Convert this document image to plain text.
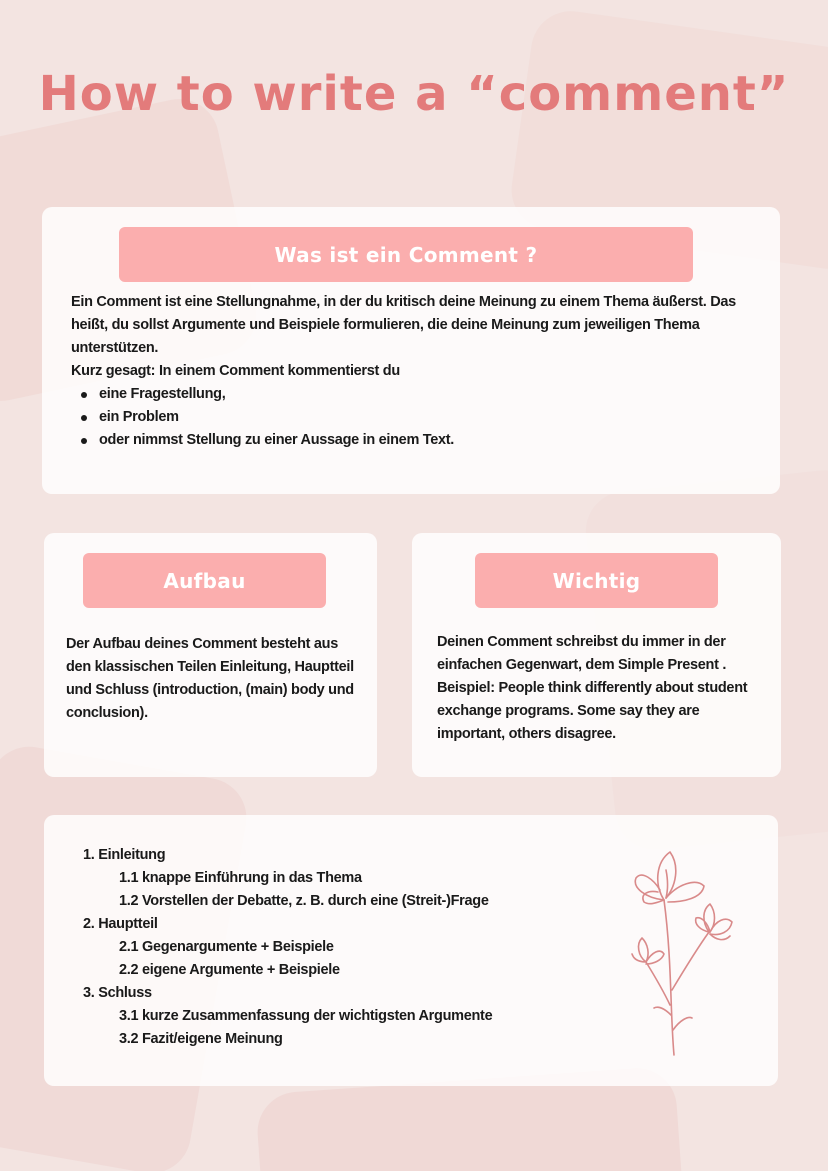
How to write a “comment”
Was ist ein Comment ?

Ein Comment ist eine Stellungnahme, in der du kritisch deine Meinung zu einem Thema äußerst. Das heißt, du sollst Argumente und Beispiele formulieren, die deine Meinung zum jeweiligen Thema unterstützen.

Kurz gesagt: In einem Comment kommentierst du

eine Fragestellung,
ein Problem
oder nimmst Stellung zu einer Aussage in einem Text.
Aufbau
Der Aufbau deines Comment besteht aus den klassischen Teilen Einleitung, Hauptteil und Schluss (introduction, (main) body und conclusion).
Wichtig
Deinen Comment schreibst du immer in der einfachen Gegenwart, dem Simple Present .
Beispiel: People think differently about student exchange programs. Some say they are important, others disagree.
1. Einleitung
1.1 knappe Einführung in das Thema
1.2 Vorstellen der Debatte, z. B. durch eine (Streit-)Frage
2. Hauptteil
2.1 Gegenargumente + Beispiele
2.2 eigene Argumente + Beispiele
3. Schluss
3.1 kurze Zusammenfassung der wichtigsten Argumente
3.2 Fazit/eigene Meinung
